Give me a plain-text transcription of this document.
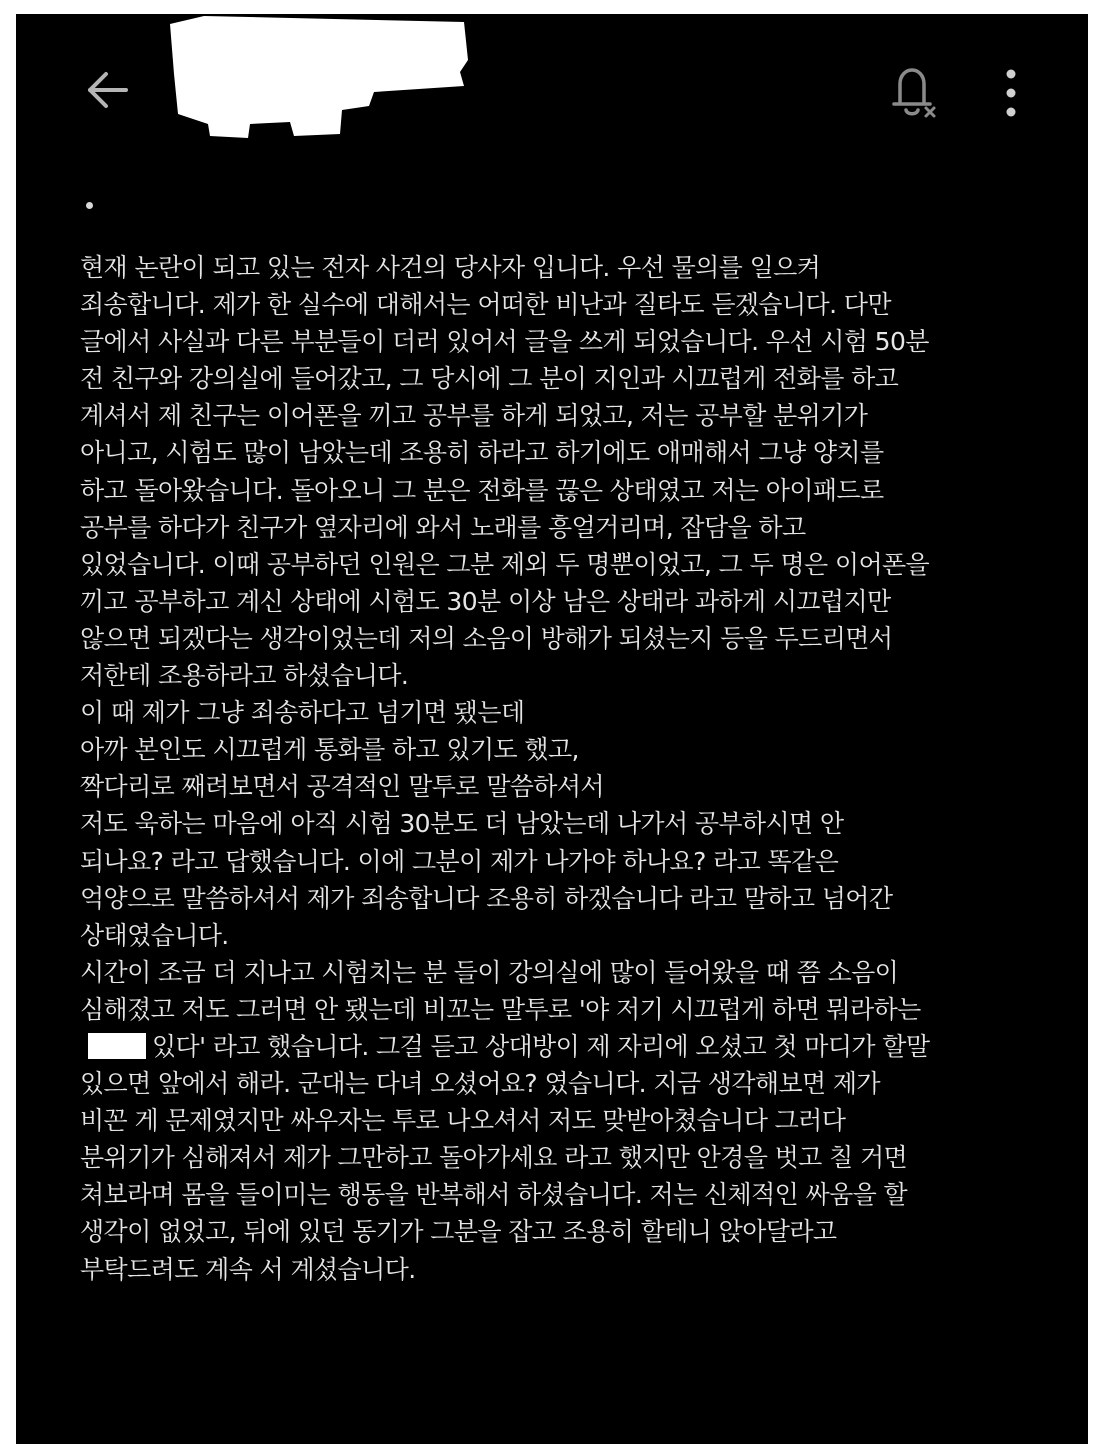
현재 논란이 되고 있는 전자 사건의 당사자 입니다. 우선 물의를 일으켜
죄송합니다. 제가 한 실수에 대해서는 어떠한 비난과 질타도 듣겠습니다. 다만
글에서 사실과 다른 부분들이 더러 있어서 글을 쓰게 되었습니다. 우선 시험 50분
전 친구와 강의실에 들어갔고, 그 당시에 그 분이 지인과 시끄럽게 전화를 하고
계셔서 제 친구는 이어폰을 끼고 공부를 하게 되었고, 저는 공부할 분위기가
아니고, 시험도 많이 남았는데 조용히 하라고 하기에도 애매해서 그냥 양치를
하고 돌아왔습니다. 돌아오니 그 분은 전화를 끊은 상태였고 저는 아이패드로
공부를 하다가 친구가 옆자리에 와서 노래를 흥얼거리며, 잡담을 하고
있었습니다. 이때 공부하던 인원은 그분 제외 두 명뿐이었고, 그 두 명은 이어폰을
끼고 공부하고 계신 상태에 시험도 30분 이상 남은 상태라 과하게 시끄럽지만
않으면 되겠다는 생각이었는데 저의 소음이 방해가 되셨는지 등을 두드리면서
저한테 조용하라고 하셨습니다.
이 때 제가 그냥 죄송하다고 넘기면 됐는데
아까 본인도 시끄럽게 통화를 하고 있기도 했고,
짝다리로 째려보면서 공격적인 말투로 말씀하셔서
저도 욱하는 마음에 아직 시험 30분도 더 남았는데 나가서 공부하시면 안
되나요? 라고 답했습니다. 이에 그분이 제가 나가야 하나요? 라고 똑같은
억양으로 말씀하셔서 제가 죄송합니다 조용히 하겠습니다 라고 말하고 넘어간
상태였습니다.
시간이 조금 더 지나고 시험치는 분 들이 강의실에 많이 들어왔을 때 쯤 소음이
심해졌고 저도 그러면 안 됐는데 비꼬는 말투로 '야 저기 시끄럽게 하면 뭐라하는
있다' 라고 했습니다. 그걸 듣고 상대방이 제 자리에 오셨고 첫 마디가 할말
있으면 앞에서 해라. 군대는 다녀 오셨어요? 였습니다. 지금 생각해보면 제가
비꼰 게 문제였지만 싸우자는 투로 나오셔서 저도 맞받아쳤습니다 그러다
분위기가 심해져서 제가 그만하고 돌아가세요 라고 했지만 안경을 벗고 칠 거면
쳐보라며 몸을 들이미는 행동을 반복해서 하셨습니다. 저는 신체적인 싸움을 할
생각이 없었고, 뒤에 있던 동기가 그분을 잡고 조용히 할테니 앉아달라고
부탁드려도 계속 서 계셨습니다.
